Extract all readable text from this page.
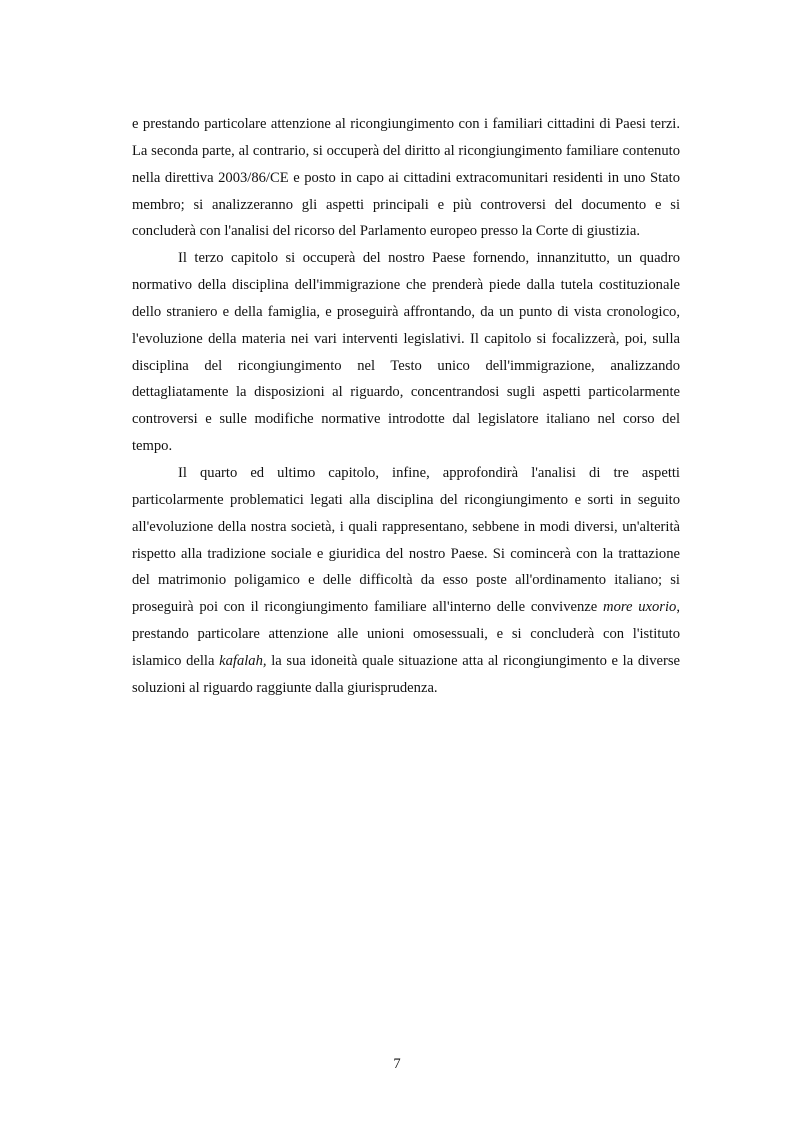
e prestando particolare attenzione al ricongiungimento con i familiari cittadini di Paesi terzi. La seconda parte, al contrario, si occuperà del diritto al ricongiungimento familiare contenuto nella direttiva 2003/86/CE e posto in capo ai cittadini extracomunitari residenti in uno Stato membro; si analizzeranno gli aspetti principali e più controversi del documento e si concluderà con l'analisi del ricorso del Parlamento europeo presso la Corte di giustizia.

Il terzo capitolo si occuperà del nostro Paese fornendo, innanzitutto, un quadro normativo della disciplina dell'immigrazione che prenderà piede dalla tutela costituzionale dello straniero e della famiglia, e proseguirà affrontando, da un punto di vista cronologico, l'evoluzione della materia nei vari interventi legislativi. Il capitolo si focalizzerà, poi, sulla disciplina del ricongiungimento nel Testo unico dell'immigrazione, analizzando dettagliatamente la disposizioni al riguardo, concentrandosi sugli aspetti particolarmente controversi e sulle modifiche normative introdotte dal legislatore italiano nel corso del tempo.

Il quarto ed ultimo capitolo, infine, approfondirà l'analisi di tre aspetti particolarmente problematici legati alla disciplina del ricongiungimento e sorti in seguito all'evoluzione della nostra società, i quali rappresentano, sebbene in modi diversi, un'alterità rispetto alla tradizione sociale e giuridica del nostro Paese. Si comincerà con la trattazione del matrimonio poligamico e delle difficoltà da esso poste all'ordinamento italiano; si proseguirà poi con il ricongiungimento familiare all'interno delle convivenze more uxorio, prestando particolare attenzione alle unioni omosessuali, e si concluderà con l'istituto islamico della kafalah, la sua idoneità quale situazione atta al ricongiungimento e la diverse soluzioni al riguardo raggiunte dalla giurisprudenza.

7
